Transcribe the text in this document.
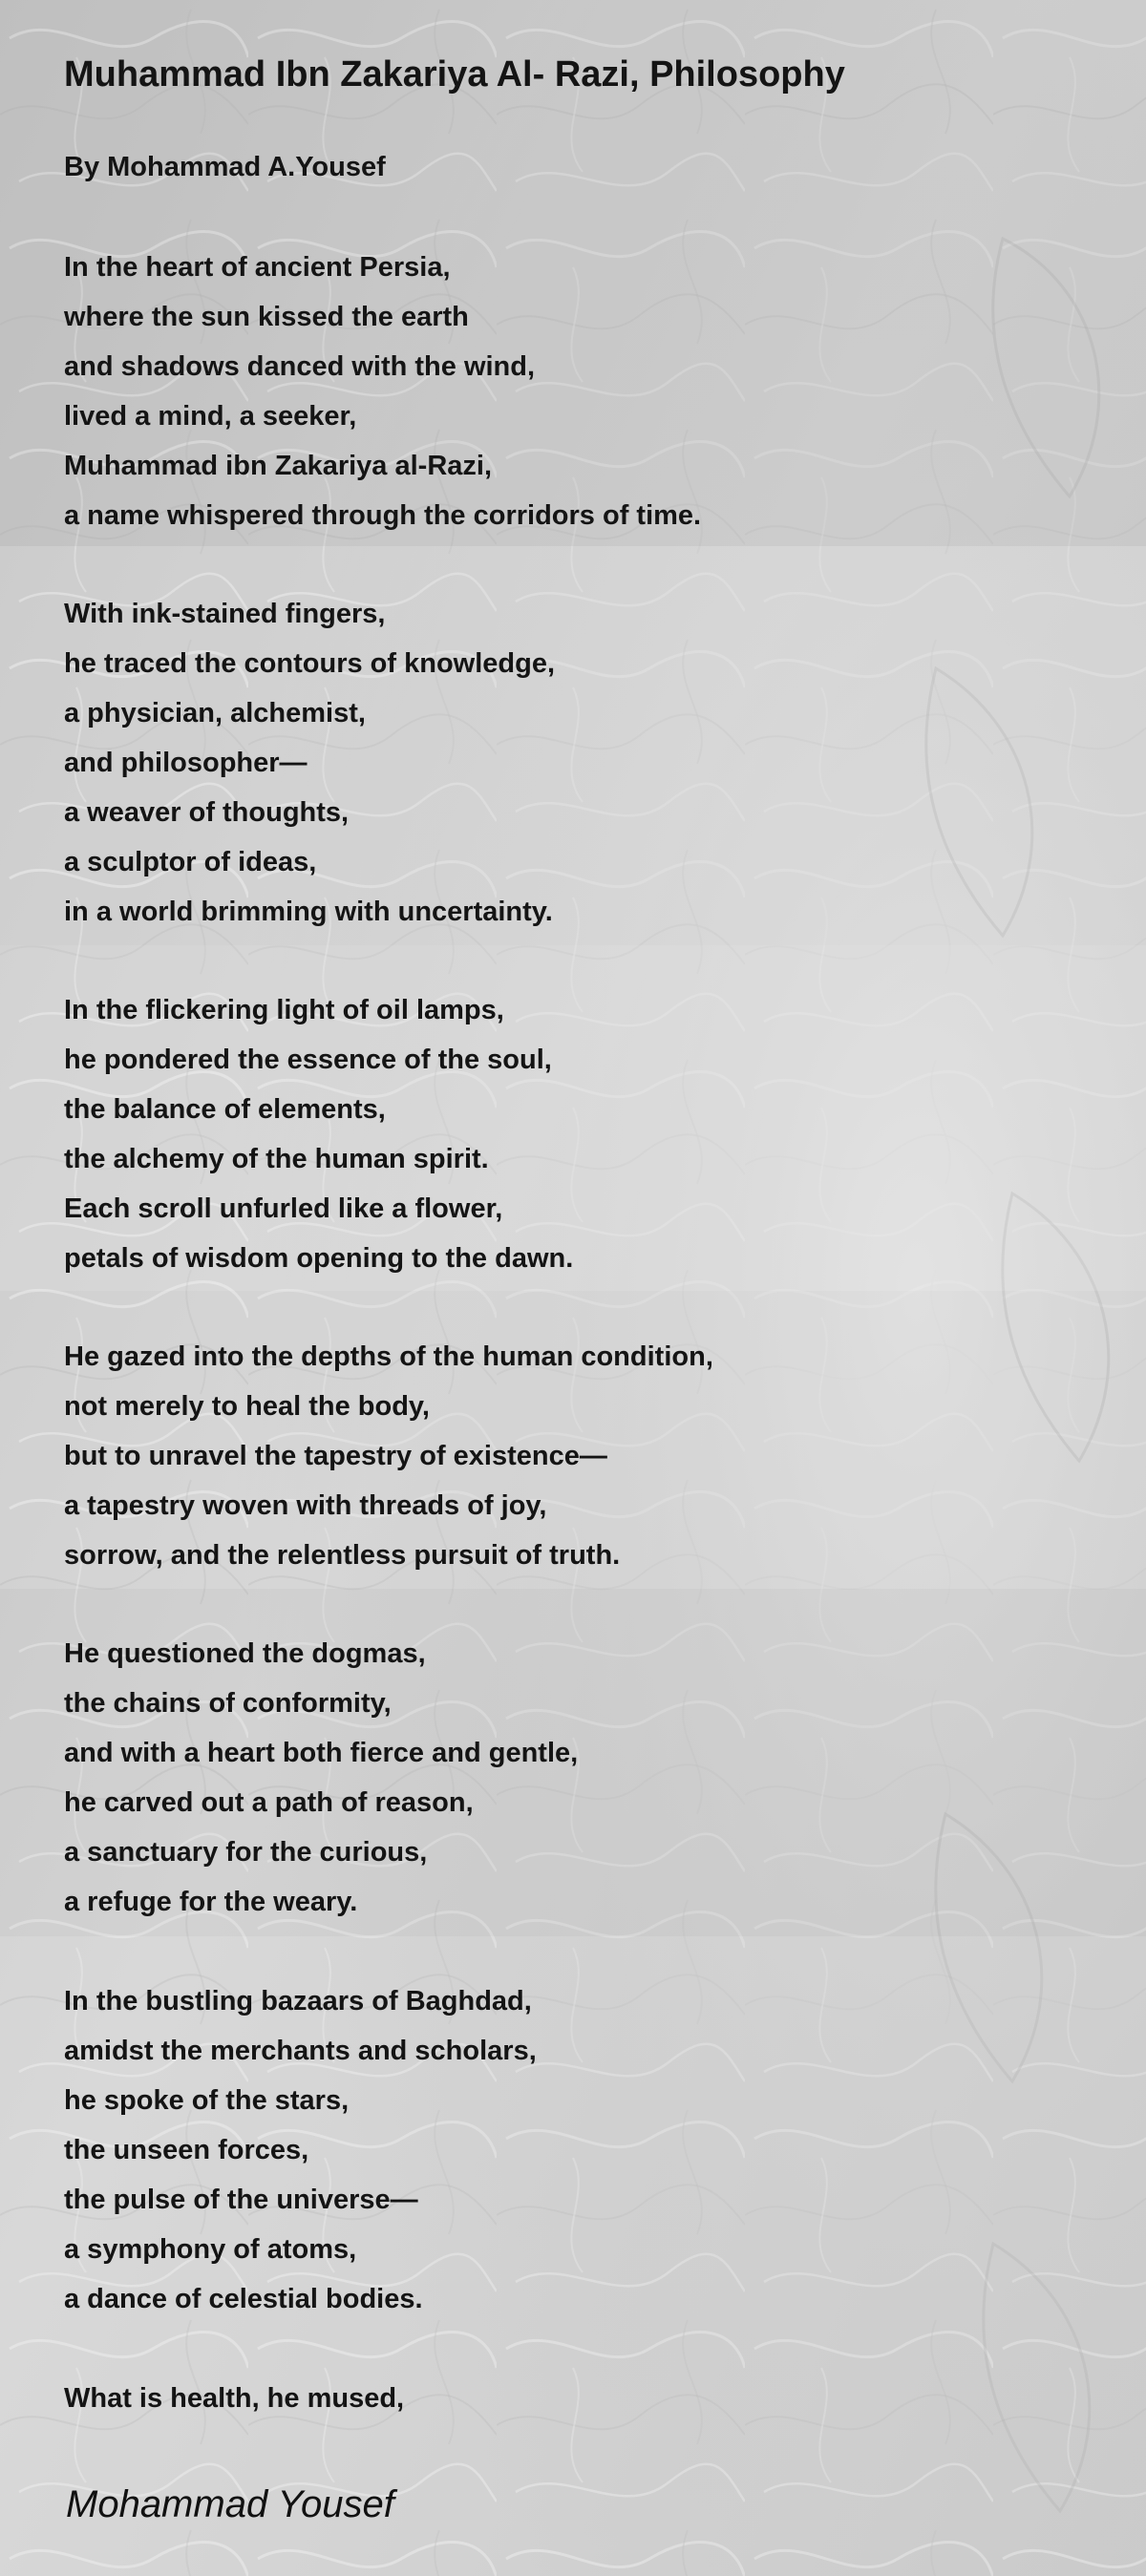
Muhammad Ibn Zakariya Al- Razi, Philosophy

By Mohammad A.Yousef

In the heart of ancient Persia,
where the sun kissed the earth
and shadows danced with the wind,
lived a mind, a seeker,
Muhammad ibn Zakariya al-Razi,
a name whispered through the corridors of time.
With ink-stained fingers,
he traced the contours of knowledge,
a physician, alchemist,
and philosopher—
a weaver of thoughts,
a sculptor of ideas,
in a world brimming with uncertainty.
In the flickering light of oil lamps,
he pondered the essence of the soul,
the balance of elements,
the alchemy of the human spirit.
Each scroll unfurled like a flower,
petals of wisdom opening to the dawn.
He gazed into the depths of the human condition,
not merely to heal the body,
but to unravel the tapestry of existence—
a tapestry woven with threads of joy,
sorrow, and the relentless pursuit of truth.
He questioned the dogmas,
the chains of conformity,
and with a heart both fierce and gentle,
he carved out a path of reason,
a sanctuary for the curious,
a refuge for the weary.
In the bustling bazaars of Baghdad,
amidst the merchants and scholars,
he spoke of the stars,
the unseen forces,
the pulse of the universe—
a symphony of atoms,
a dance of celestial bodies.
What is health, he mused,

Mohammad Yousef
